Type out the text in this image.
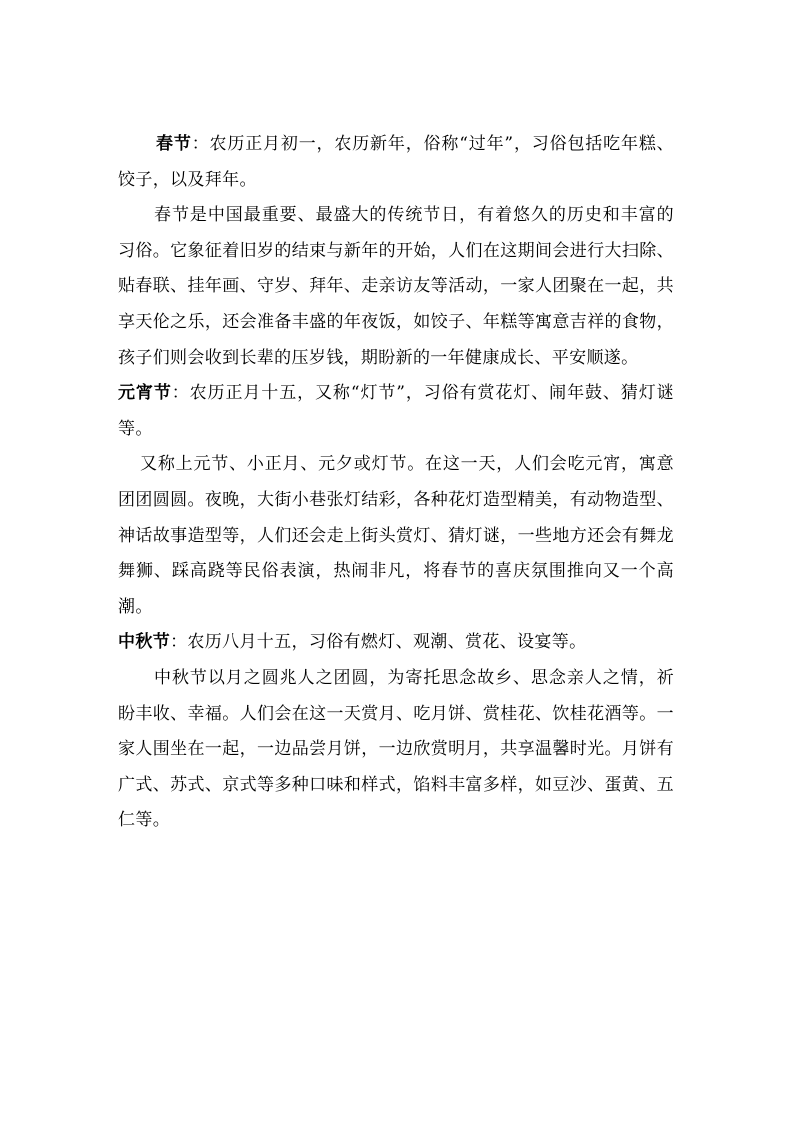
春节：农历正月初一，农历新年，俗称“过年”，习俗包括吃年糕、饺子，以及拜年。

春节是中国最重要、最盛大的传统节日，有着悠久的历史和丰富的习俗。它象征着旧岁的结束与新年的开始，人们在这期间会进行大扫除、贴春联、挂年画、守岁、拜年、走亲访友等活动，一家人团聚在一起，共享天伦之乐，还会准备丰盛的年夜饭，如饺子、年糕等寓意吉祥的食物，孩子们则会收到长辈的压岁钱，期盼新的一年健康成长、平安顺遂。

元宵节：农历正月十五，又称“灯节”，习俗有赏花灯、闹年鼓、猜灯谜等。

又称上元节、小正月、元夕或灯节。在这一天，人们会吃元宵，寓意团团圆圆。夜晚，大街小巷张灯结彩，各种花灯造型精美，有动物造型、神话故事造型等，人们还会走上街头赏灯、猜灯谜，一些地方还会有舞龙舞狮、踩高跷等民俗表演，热闹非凡，将春节的喜庆氛围推向又一个高潮。

中秋节：农历八月十五，习俗有燃灯、观潮、赏花、设宴等。

中秋节以月之圆兆人之团圆，为寄托思念故乡、思念亲人之情，祈盼丰收、幸福。人们会在这一天赏月、吃月饼、赏桂花、饮桂花酒等。一家人围坐在一起，一边品尝月饼，一边欣赏明月，共享温馨时光。月饼有广式、苏式、京式等多种口味和样式，馅料丰富多样，如豆沙、蛋黄、五仁等。
